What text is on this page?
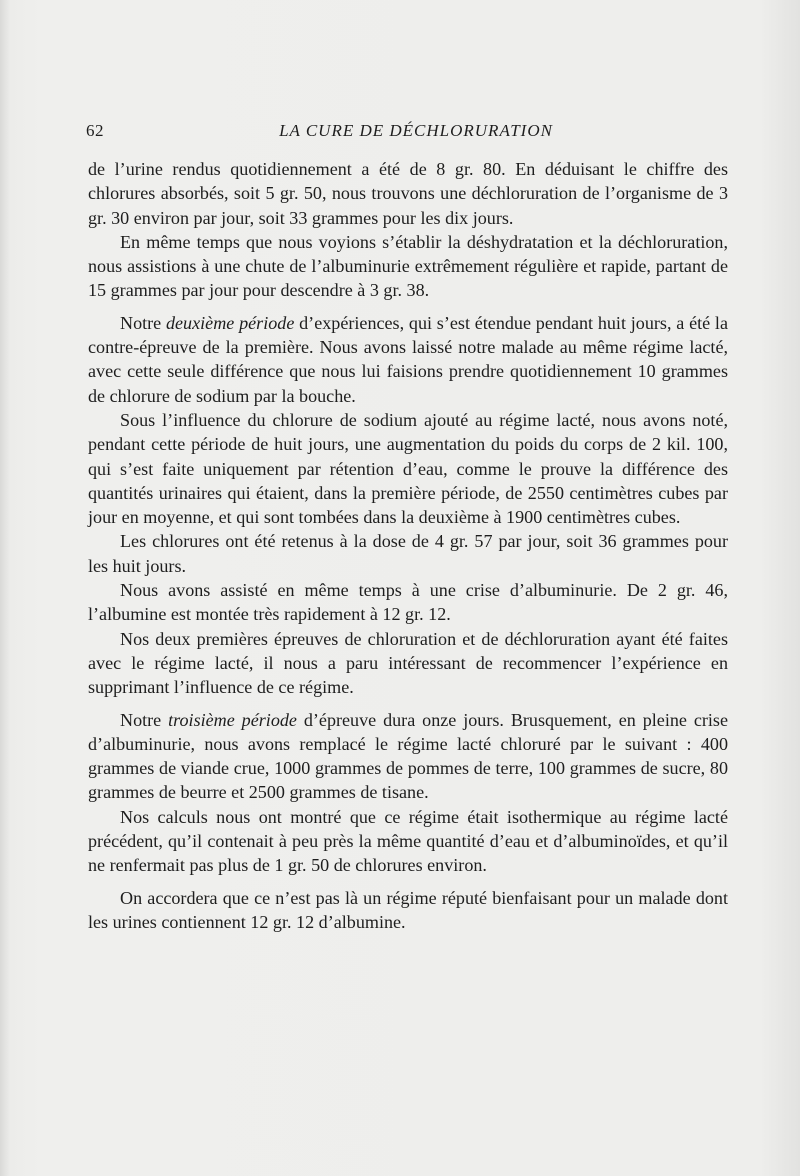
62	LA CURE DE DÉCHLORURATION

de l’urine rendus quotidiennement a été de 8 gr. 80. En déduisant le chiffre des chlorures absorbés, soit 5 gr. 50, nous trouvons une déchloruration de l’organisme de 3 gr. 30 environ par jour, soit 33 grammes pour les dix jours.

En même temps que nous voyions s’établir la déshydratation et la déchloruration, nous assistions à une chute de l’albuminurie extrêmement régulière et rapide, partant de 15 grammes par jour pour descendre à 3 gr. 38.

Notre deuxième période d’expériences, qui s’est étendue pendant huit jours, a été la contre-épreuve de la première. Nous avons laissé notre malade au même régime lacté, avec cette seule différence que nous lui faisions prendre quotidiennement 10 grammes de chlorure de sodium par la bouche.

Sous l’influence du chlorure de sodium ajouté au régime lacté, nous avons noté, pendant cette période de huit jours, une augmentation du poids du corps de 2 kil. 100, qui s’est faite uniquement par rétention d’eau, comme le prouve la différence des quantités urinaires qui étaient, dans la première période, de 2550 centimètres cubes par jour en moyenne, et qui sont tombées dans la deuxième à 1900 centimètres cubes.

Les chlorures ont été retenus à la dose de 4 gr. 57 par jour, soit 36 grammes pour les huit jours.

Nous avons assisté en même temps à une crise d’albuminurie. De 2 gr. 46, l’albumine est montée très rapidement à 12 gr. 12.

Nos deux premières épreuves de chloruration et de déchloruration ayant été faites avec le régime lacté, il nous a paru intéressant de recommencer l’expérience en supprimant l’influence de ce régime.

Notre troisième période d’épreuve dura onze jours. Brusquement, en pleine crise d’albuminurie, nous avons remplacé le régime lacté chloruré par le suivant : 400 grammes de viande crue, 1000 grammes de pommes de terre, 100 grammes de sucre, 80 grammes de beurre et 2500 grammes de tisane.

Nos calculs nous ont montré que ce régime était isothermique au régime lacté précédent, qu’il contenait à peu près la même quantité d’eau et d’albuminoïdes, et qu’il ne renfermait pas plus de 1 gr. 50 de chlorures environ.

On accordera que ce n’est pas là un régime réputé bienfaisant pour un malade dont les urines contiennent 12 gr. 12 d’albumine.
